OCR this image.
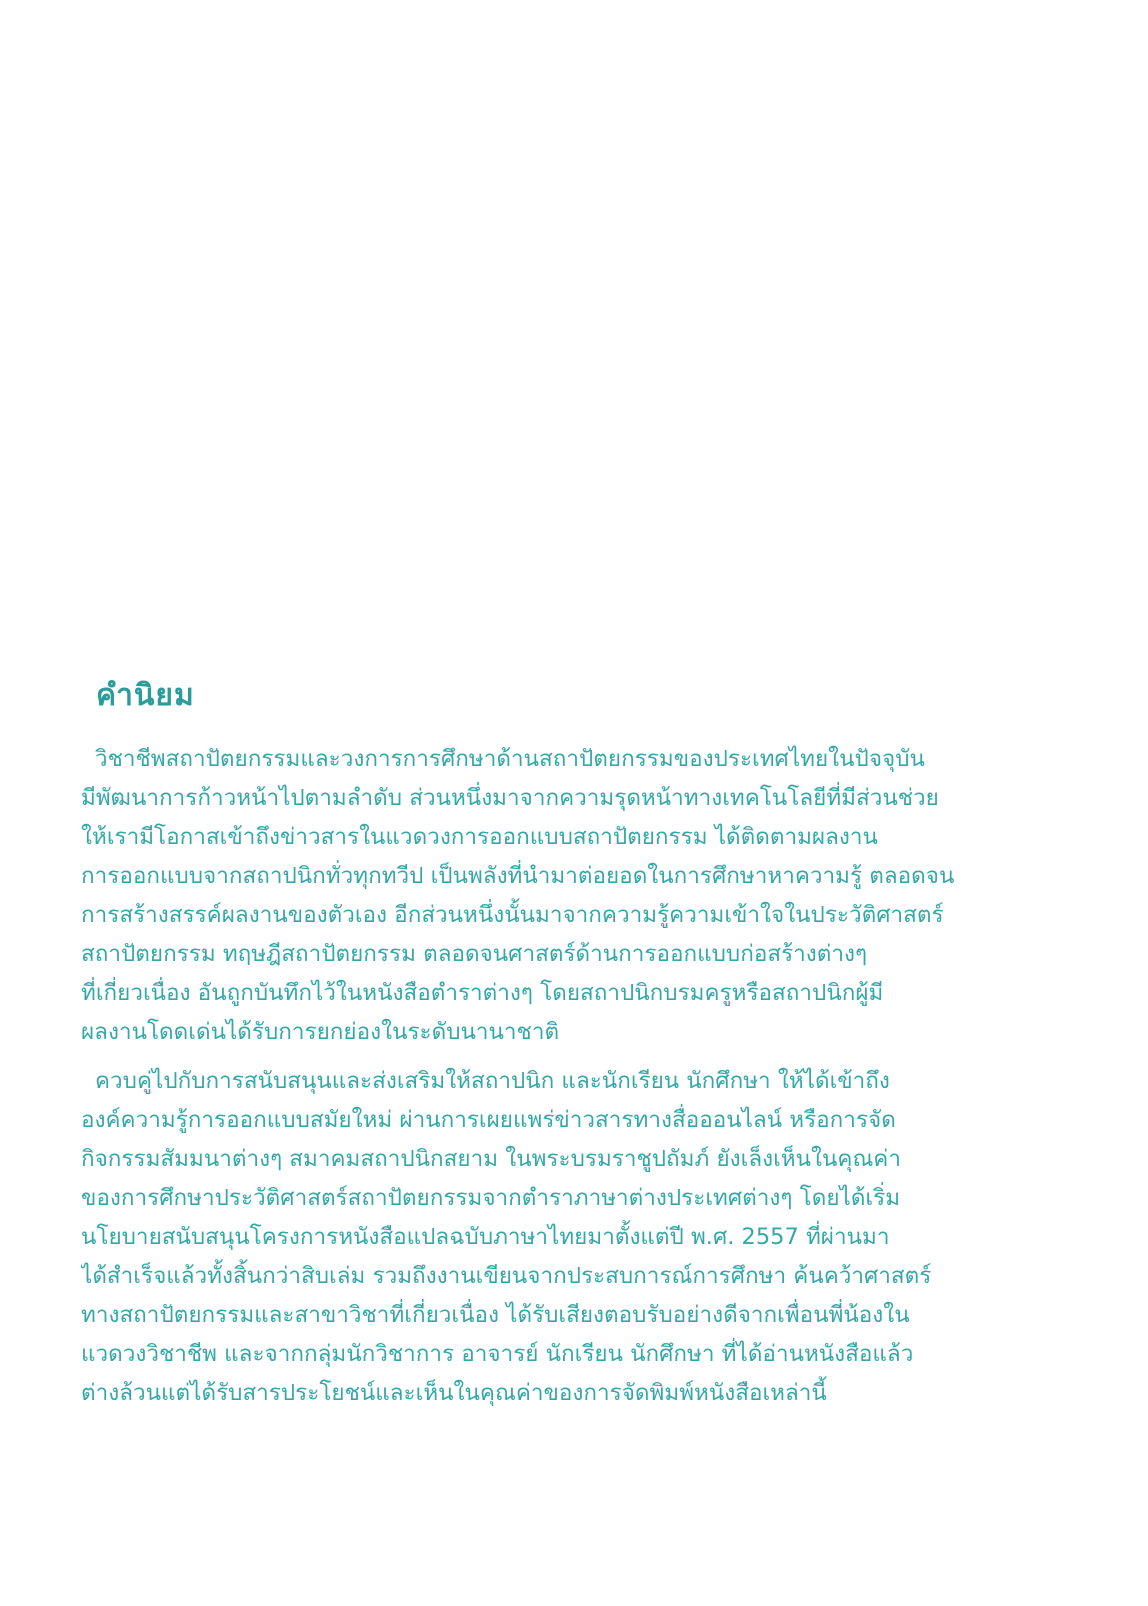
คำนิยม

วิชาชีพสถาปัตยกรรมและวงการการศึกษาด้านสถาปัตยกรรมของประเทศไทยในปัจจุบัน
มีพัฒนาการก้าวหน้าไปตามลำดับ ส่วนหนึ่งมาจากความรุดหน้าทางเทคโนโลยีที่มีส่วนช่วย
ให้เรามีโอกาสเข้าถึงข่าวสารในแวดวงการออกแบบสถาปัตยกรรม ได้ติดตามผลงาน
การออกแบบจากสถาปนิกทั่วทุกทวีป เป็นพลังที่นำมาต่อยอดในการศึกษาหาความรู้ ตลอดจน
การสร้างสรรค์ผลงานของตัวเอง อีกส่วนหนึ่งนั้นมาจากความรู้ความเข้าใจในประวัติศาสตร์
สถาปัตยกรรม ทฤษฎีสถาปัตยกรรม ตลอดจนศาสตร์ด้านการออกแบบก่อสร้างต่างๆ
ที่เกี่ยวเนื่อง อันถูกบันทึกไว้ในหนังสือตำราต่างๆ โดยสถาปนิกบรมครูหรือสถาปนิกผู้มี
ผลงานโดดเด่นได้รับการยกย่องในระดับนานาชาติ

ควบคู่ไปกับการสนับสนุนและส่งเสริมให้สถาปนิก และนักเรียน นักศึกษา ให้ได้เข้าถึง
องค์ความรู้การออกแบบสมัยใหม่ ผ่านการเผยแพร่ข่าวสารทางสื่อออนไลน์ หรือการจัด
กิจกรรมสัมมนาต่างๆ สมาคมสถาปนิกสยาม ในพระบรมราชูปถัมภ์ ยังเล็งเห็นในคุณค่า
ของการศึกษาประวัติศาสตร์สถาปัตยกรรมจากตำราภาษาต่างประเทศต่างๆ โดยได้เริ่ม
นโยบายสนับสนุนโครงการหนังสือแปลฉบับภาษาไทยมาตั้งแต่ปี พ.ศ. 2557 ที่ผ่านมา
ได้สำเร็จแล้วทั้งสิ้นกว่าสิบเล่ม รวมถึงงานเขียนจากประสบการณ์การศึกษา ค้นคว้าศาสตร์
ทางสถาปัตยกรรมและสาขาวิชาที่เกี่ยวเนื่อง ได้รับเสียงตอบรับอย่างดีจากเพื่อนพี่น้องใน
แวดวงวิชาชีพ และจากกลุ่มนักวิชาการ อาจารย์ นักเรียน นักศึกษา ที่ได้อ่านหนังสือแล้ว
ต่างล้วนแต่ได้รับสารประโยชน์และเห็นในคุณค่าของการจัดพิมพ์หนังสือเหล่านี้
